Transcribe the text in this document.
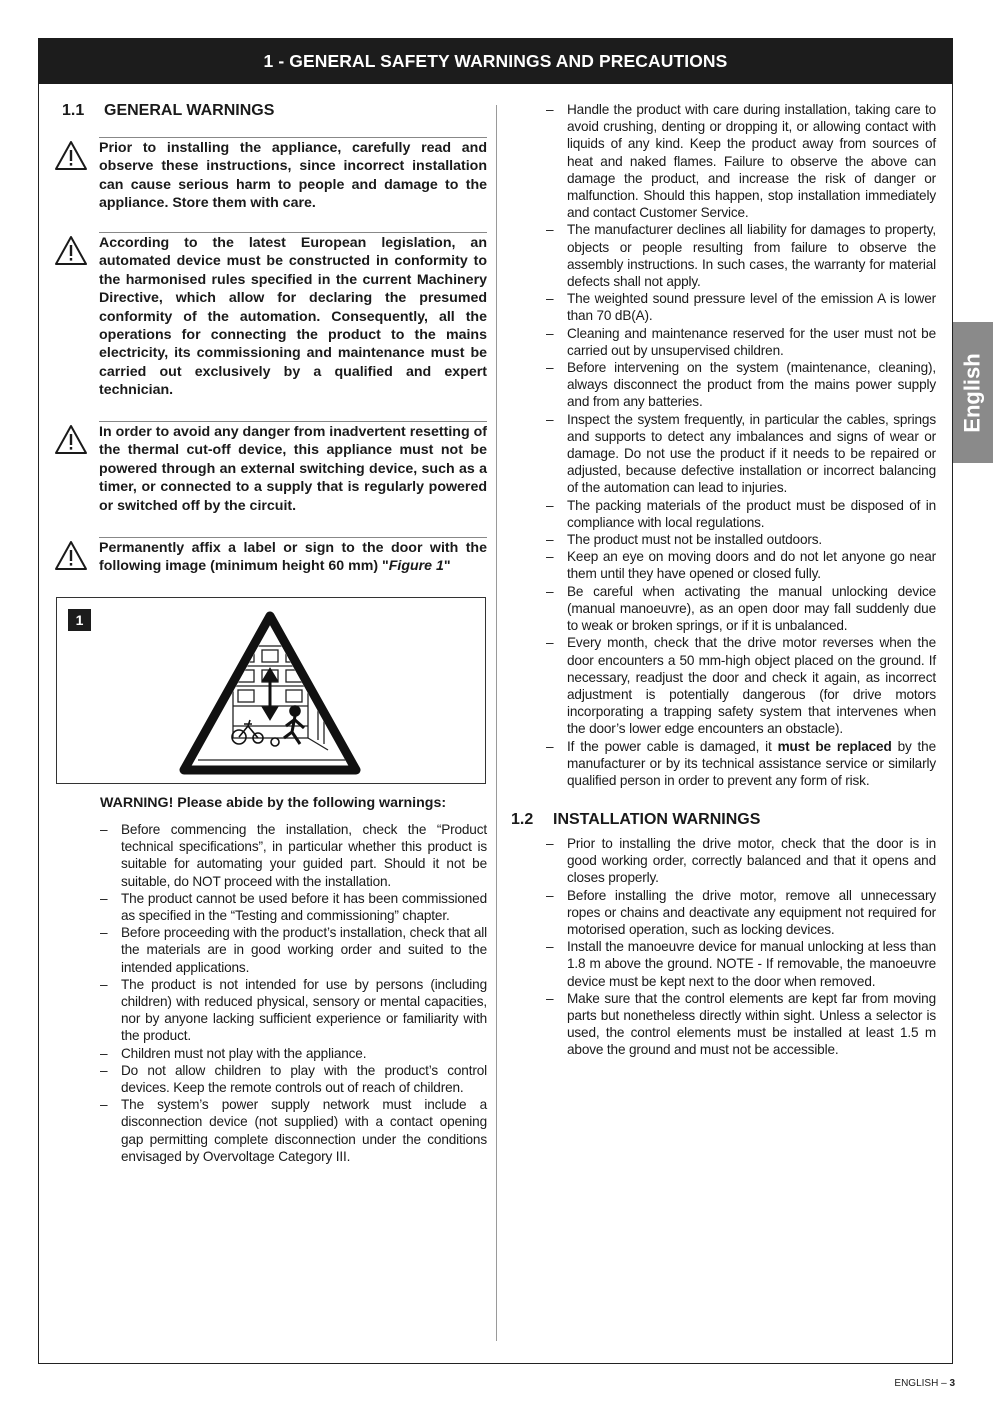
1 - GENERAL SAFETY WARNINGS AND PRECAUTIONS
English
1.1 GENERAL WARNINGS
Prior to installing the appliance, carefully read and observe these instructions, since incorrect installation can cause serious harm to people and damage to the appliance. Store them with care.
According to the latest European legislation, an automated device must be constructed in conformity to the harmonised rules specified in the current Machinery Directive, which allow for declaring the presumed conformity of the automation. Consequently, all the operations for connecting the product to the mains electricity, its commissioning and maintenance must be carried out exclusively by a qualified and expert technician.
In order to avoid any danger from inadvertent resetting of the thermal cut-off device, this appliance must not be powered through an external switching device, such as a timer, or connected to a supply that is regularly powered or switched off by the circuit.
Permanently affix a label or sign to the door with the following image (minimum height 60 mm) "Figure 1"
1
WARNING! Please abide by the following warnings:
– Before commencing the installation, check the “Product technical specifications”, in particular whether this product is suitable for automating your guided part. Should it not be suitable, do NOT proceed with the installation.
– The product cannot be used before it has been commissioned as specified in the “Testing and commissioning” chapter.
– Before proceeding with the product’s installation, check that all the materials are in good working order and suited to the intended applications.
– The product is not intended for use by persons (including children) with reduced physical, sensory or mental capacities, nor by anyone lacking sufficient experience or familiarity with the product.
– Children must not play with the appliance.
– Do not allow children to play with the product’s control devices. Keep the remote controls out of reach of children.
– The system’s power supply network must include a disconnection device (not supplied) with a contact opening gap permitting complete disconnection under the conditions envisaged by Overvoltage Category III.
– Handle the product with care during installation, taking care to avoid crushing, denting or dropping it, or allowing contact with liquids of any kind. Keep the product away from sources of heat and naked flames. Failure to observe the above can damage the product, and increase the risk of danger or malfunction. Should this happen, stop installation immediately and contact Customer Service.
– The manufacturer declines all liability for damages to property, objects or people resulting from failure to observe the assembly instructions. In such cases, the warranty for material defects shall not apply.
– The weighted sound pressure level of the emission A is lower than 70 dB(A).
– Cleaning and maintenance reserved for the user must not be carried out by unsupervised children.
– Before intervening on the system (maintenance, cleaning), always disconnect the product from the mains power supply and from any batteries.
– Inspect the system frequently, in particular the cables, springs and supports to detect any imbalances and signs of wear or damage. Do not use the product if it needs to be repaired or adjusted, because defective installation or incorrect balancing of the automation can lead to injuries.
– The packing materials of the product must be disposed of in compliance with local regulations.
– The product must not be installed outdoors.
– Keep an eye on moving doors and do not let anyone go near them until they have opened or closed fully.
– Be careful when activating the manual unlocking device (manual manoeuvre), as an open door may fall suddenly due to weak or broken springs, or if it is unbalanced.
– Every month, check that the drive motor reverses when the door encounters a 50 mm-high object placed on the ground. If necessary, readjust the door and check it again, as incorrect adjustment is potentially dangerous (for drive motors incorporating a trapping safety system that intervenes when the door’s lower edge encounters an obstacle).
– If the power cable is damaged, it must be replaced by the manufacturer or by its technical assistance service or similarly qualified person in order to prevent any form of risk.
1.2 INSTALLATION WARNINGS
– Prior to installing the drive motor, check that the door is in good working order, correctly balanced and that it opens and closes properly.
– Before installing the drive motor, remove all unnecessary ropes or chains and deactivate any equipment not required for motorised operation, such as locking devices.
– Install the manoeuvre device for manual unlocking at less than 1.8 m above the ground. NOTE - If removable, the manoeuvre device must be kept next to the door when removed.
– Make sure that the control elements are kept far from moving parts but nonetheless directly within sight. Unless a selector is used, the control elements must be installed at least 1.5 m above the ground and must not be accessible.
ENGLISH – 3
